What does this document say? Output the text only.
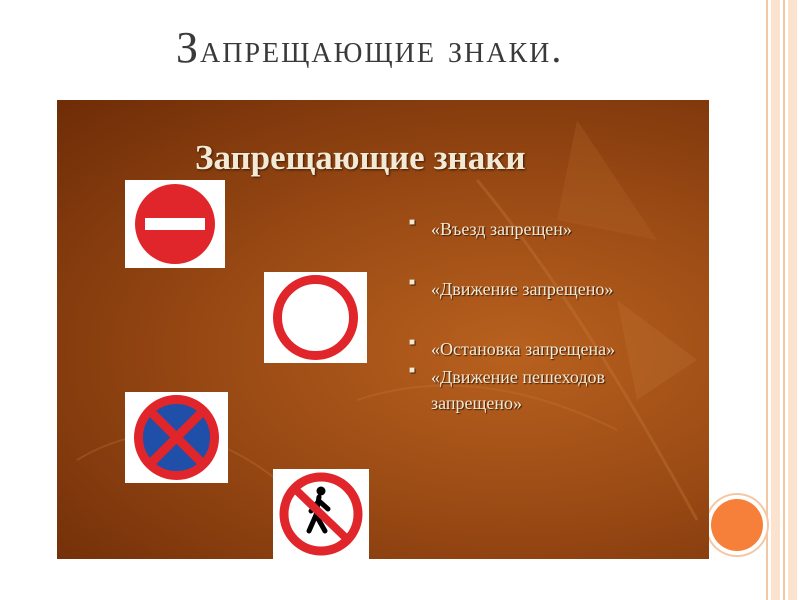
Запрещающие знаки.
Запрещающие знаки
■ «Въезд запрещен»
■ «Движение запрещено»
■ «Остановка запрещена»
■ «Движение пешеходов запрещено»
